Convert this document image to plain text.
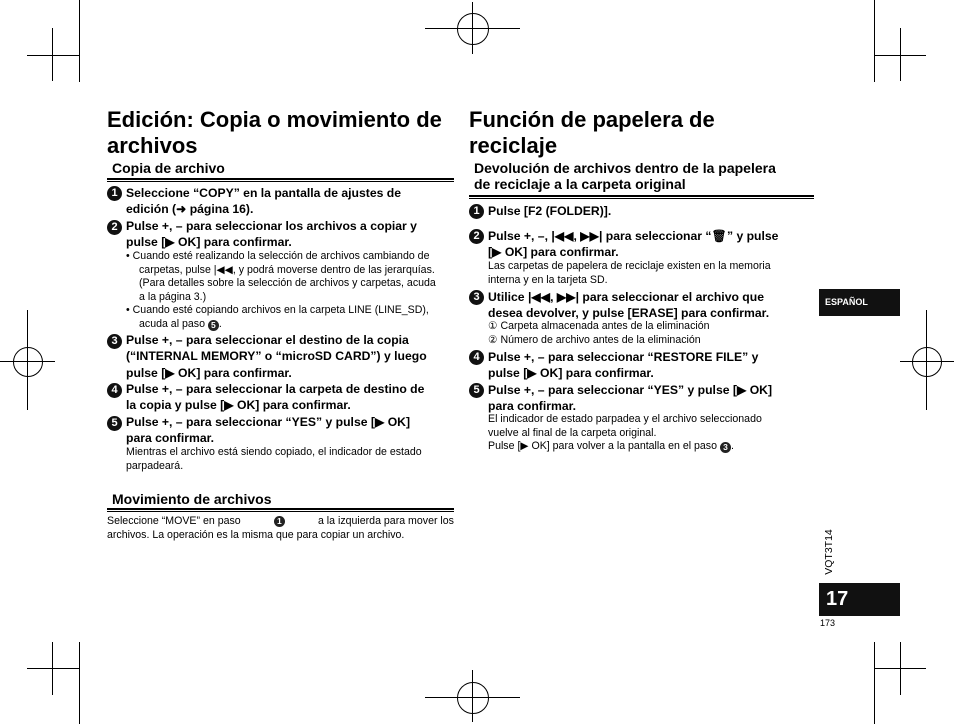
Edición: Copia o movimiento de
archivos
Copia de archivo
1 Seleccione “COPY” en la pantalla de ajustes de
edición (➜ página 16).
2 Pulse +, – para seleccionar los archivos a copiar y
pulse [▶ OK] para confirmar.
• Cuando esté realizando la selección de archivos cambiando de
carpetas, pulse |◀◀, y podrá moverse dentro de las jerarquías.
(Para detalles sobre la selección de archivos y carpetas, acuda
a la página 3.)
• Cuando esté copiando archivos en la carpeta LINE (LINE_SD),
acuda al paso 5 .
3 Pulse +, – para seleccionar el destino de la copia
(“INTERNAL MEMORY” o “microSD CARD”) y luego
pulse [▶ OK] para confirmar.
4 Pulse +, – para seleccionar la carpeta de destino de
la copia y pulse [▶ OK] para confirmar.
5 Pulse +, – para seleccionar “YES” y pulse [▶ OK]
para confirmar.
Mientras el archivo está siendo copiado, el indicador de estado
parpadeará.
Movimiento de archivos
Seleccione “MOVE” en paso	1	a la izquierda para mover los
archivos. La operación es la misma que para copiar un archivo.
Función de papelera de
reciclaje
Devolución de archivos dentro de la papelera
de reciclaje a la carpeta original
1 Pulse [F2 (FOLDER)].
2 Pulse +, –, |◀◀, ▶▶| para seleccionar “🗑” y pulse
[▶ OK] para confirmar.
Las carpetas de papelera de reciclaje existen en la memoria
interna y en la tarjeta SD.
3 Utilice |◀◀, ▶▶| para seleccionar el archivo que
desea devolver, y pulse [ERASE] para confirmar.
① Carpeta almacenada antes de la eliminación
② Número de archivo antes de la eliminación
4 Pulse +, – para seleccionar “RESTORE FILE” y
pulse [▶ OK] para confirmar.
5 Pulse +, – para seleccionar “YES” y pulse [▶ OK]
para confirmar.
El indicador de estado parpadea y el archivo seleccionado
vuelve al final de la carpeta original.
Pulse [▶ OK] para volver a la pantalla en el paso 3 .
ESPAÑOL
VQT3T14
17
173
